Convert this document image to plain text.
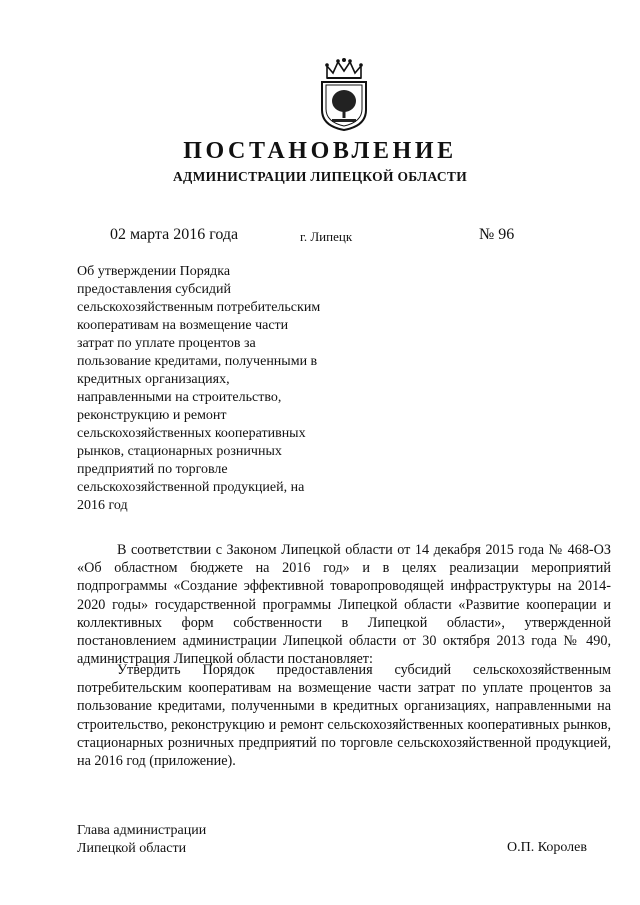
ПОСТАНОВЛЕНИЕ
АДМИНИСТРАЦИИ ЛИПЕЦКОЙ ОБЛАСТИ
02 марта 2016 года	г. Липецк	№ 96
Об утверждении Порядка
предоставления субсидий
сельскохозяйственным потребительским
кооперативам на возмещение части
затрат по уплате процентов за
пользование кредитами, полученными в
кредитных организациях,
направленными на строительство,
реконструкцию и ремонт
сельскохозяйственных кооперативных
рынков, стационарных розничных
предприятий по торговле
сельскохозяйственной продукцией, на
2016 год
В соответствии с Законом Липецкой области от 14 декабря 2015 года № 468-ОЗ «Об областном бюджете на 2016 год» и в целях реализации мероприятий подпрограммы «Создание эффективной товаропроводящей инфраструктуры на 2014-2020 годы» государственной программы Липецкой области «Развитие кооперации и коллективных форм собственности в Липецкой области», утвержденной постановлением администрации Липецкой области от 30 октября 2013 года № 490, администрация Липецкой области постановляет:
Утвердить Порядок предоставления субсидий сельскохозяйственным потребительским кооперативам на возмещение части затрат по уплате процентов за пользование кредитами, полученными в кредитных организациях, направленными на строительство, реконструкцию и ремонт сельскохозяйственных кооперативных рынков, стационарных розничных предприятий по торговле сельскохозяйственной продукцией, на 2016 год (приложение).
Глава администрации
Липецкой области	О.П. Королев
